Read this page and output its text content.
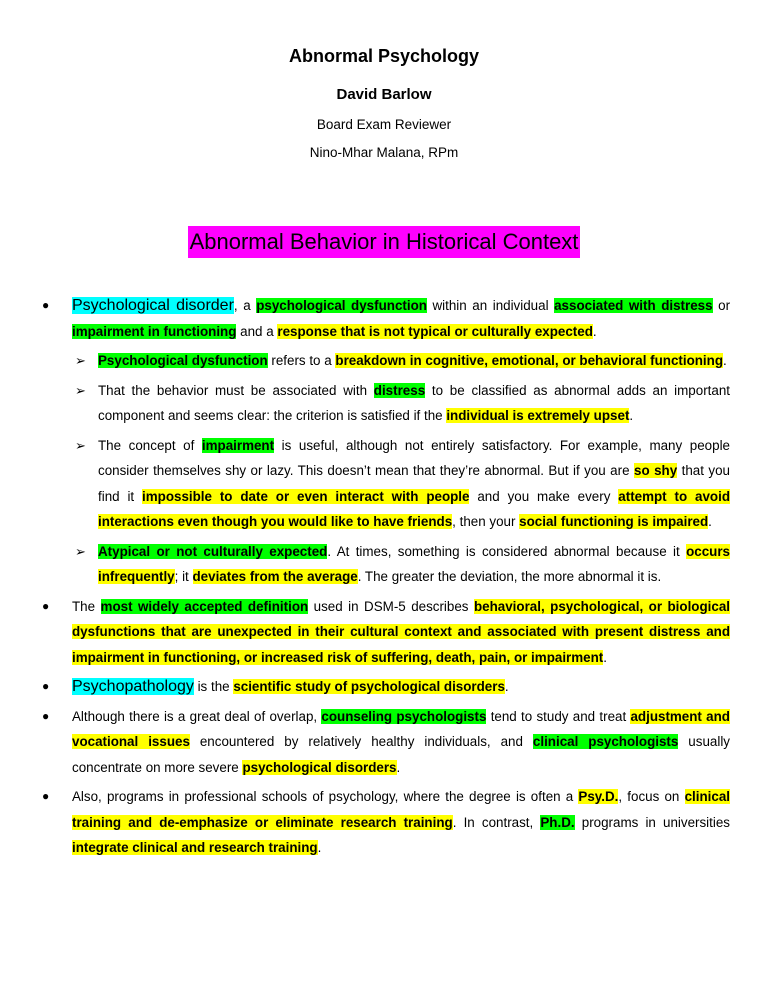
Abnormal Psychology
David Barlow
Board Exam Reviewer
Nino-Mhar Malana, RPm
Abnormal Behavior in Historical Context
● Psychological disorder, a psychological dysfunction within an individual associated with distress or impairment in functioning and a response that is not typical or culturally expected.
➢ Psychological dysfunction refers to a breakdown in cognitive, emotional, or behavioral functioning.
➢ That the behavior must be associated with distress to be classified as abnormal adds an important component and seems clear: the criterion is satisfied if the individual is extremely upset.
➢ The concept of impairment is useful, although not entirely satisfactory. For example, many people consider themselves shy or lazy. This doesn’t mean that they’re abnormal. But if you are so shy that you find it impossible to date or even interact with people and you make every attempt to avoid interactions even though you would like to have friends, then your social functioning is impaired.
➢ Atypical or not culturally expected. At times, something is considered abnormal because it occurs infrequently; it deviates from the average. The greater the deviation, the more abnormal it is.
● The most widely accepted definition used in DSM-5 describes behavioral, psychological, or biological dysfunctions that are unexpected in their cultural context and associated with present distress and impairment in functioning, or increased risk of suffering, death, pain, or impairment.
● Psychopathology is the scientific study of psychological disorders.
● Although there is a great deal of overlap, counseling psychologists tend to study and treat adjustment and vocational issues encountered by relatively healthy individuals, and clinical psychologists usually concentrate on more severe psychological disorders.
● Also, programs in professional schools of psychology, where the degree is often a Psy.D., focus on clinical training and de-emphasize or eliminate research training. In contrast, Ph.D. programs in universities integrate clinical and research training.
